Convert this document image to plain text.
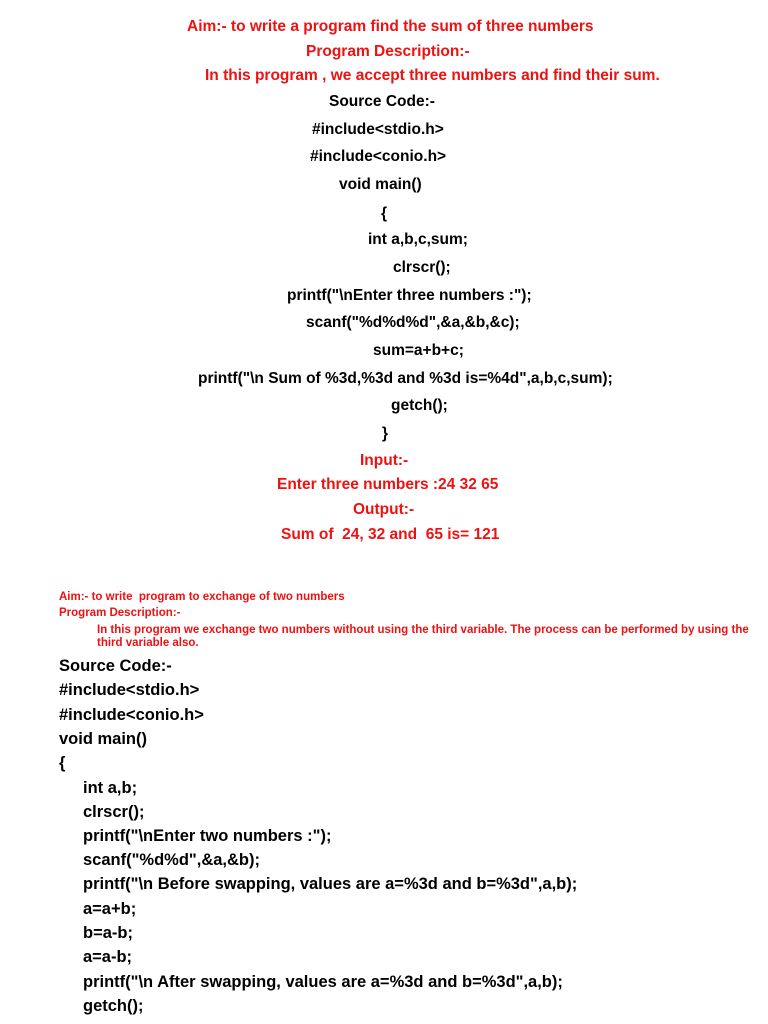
Aim:- to write a program find the sum of three numbers
Program Description:-
In this program , we accept three numbers and find their sum.
Source Code:-
#include<stdio.h>
#include<conio.h>
void main()
{
int a,b,c,sum;
clrscr();
printf("\nEnter three numbers :");
scanf("%d%d%d",&a,&b,&c);
sum=a+b+c;
printf("\n Sum of %3d,%3d and %3d is=%4d",a,b,c,sum);
getch();
}
Input:-
Enter three numbers :24 32 65
Output:-
Sum of  24, 32 and  65 is= 121
Aim:- to write  program to exchange of two numbers
Program Description:-
In this program we exchange two numbers without using the third variable. The process can be performed by using the third variable also.
Source Code:-
#include<stdio.h>
#include<conio.h>
void main()
{
int a,b;
clrscr();
printf("\nEnter two numbers :");
scanf("%d%d",&a,&b);
printf("\n Before swapping, values are a=%3d and b=%3d",a,b);
a=a+b;
b=a-b;
a=a-b;
printf("\n After swapping, values are a=%3d and b=%3d",a,b);
getch();
